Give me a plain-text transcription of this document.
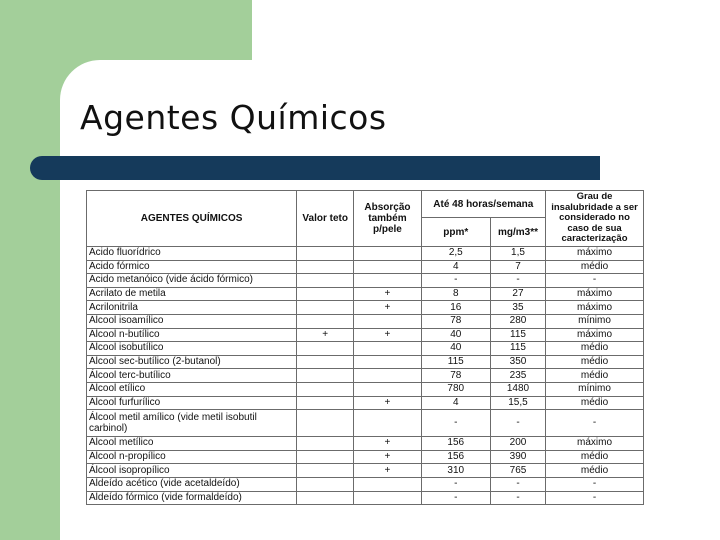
Agentes Químicos
AGENTES QUÍMICOS	Valor teto	Absorção também p/pele	Até 48 horas/semana		Grau de insalubridade a ser considerado no caso de sua caracterização
			ppm*	mg/m3**	
Ácido fluorídrico			2,5	1,5	máximo
Ácido fórmico			4	7	médio
Ácido metanóico (vide ácido fórmico)			-	-	-
Acrilato de metila		+	8	27	máximo
Acrilonitrila		+	16	35	máximo
Álcool isoamílico			78	280	mínimo
Álcool n-butílico	+	+	40	115	máximo
Álcool isobutílico			40	115	médio
Álcool sec-butílico (2-butanol)			115	350	médio
Álcool terc-butílico			78	235	médio
Álcool etílico			780	1480	mínimo
Álcool furfurílico		+	4	15,5	médio
Álcool metil amílico (vide metil isobutil carbinol)			-	-	-
Álcool metílico		+	156	200	máximo
Álcool n-propílico		+	156	390	médio
Álcool isopropílico		+	310	765	médio
Aldeído acético (vide acetaldeído)			-	-	-
Aldeído fórmico (vide formaldeído)			-	-	-
